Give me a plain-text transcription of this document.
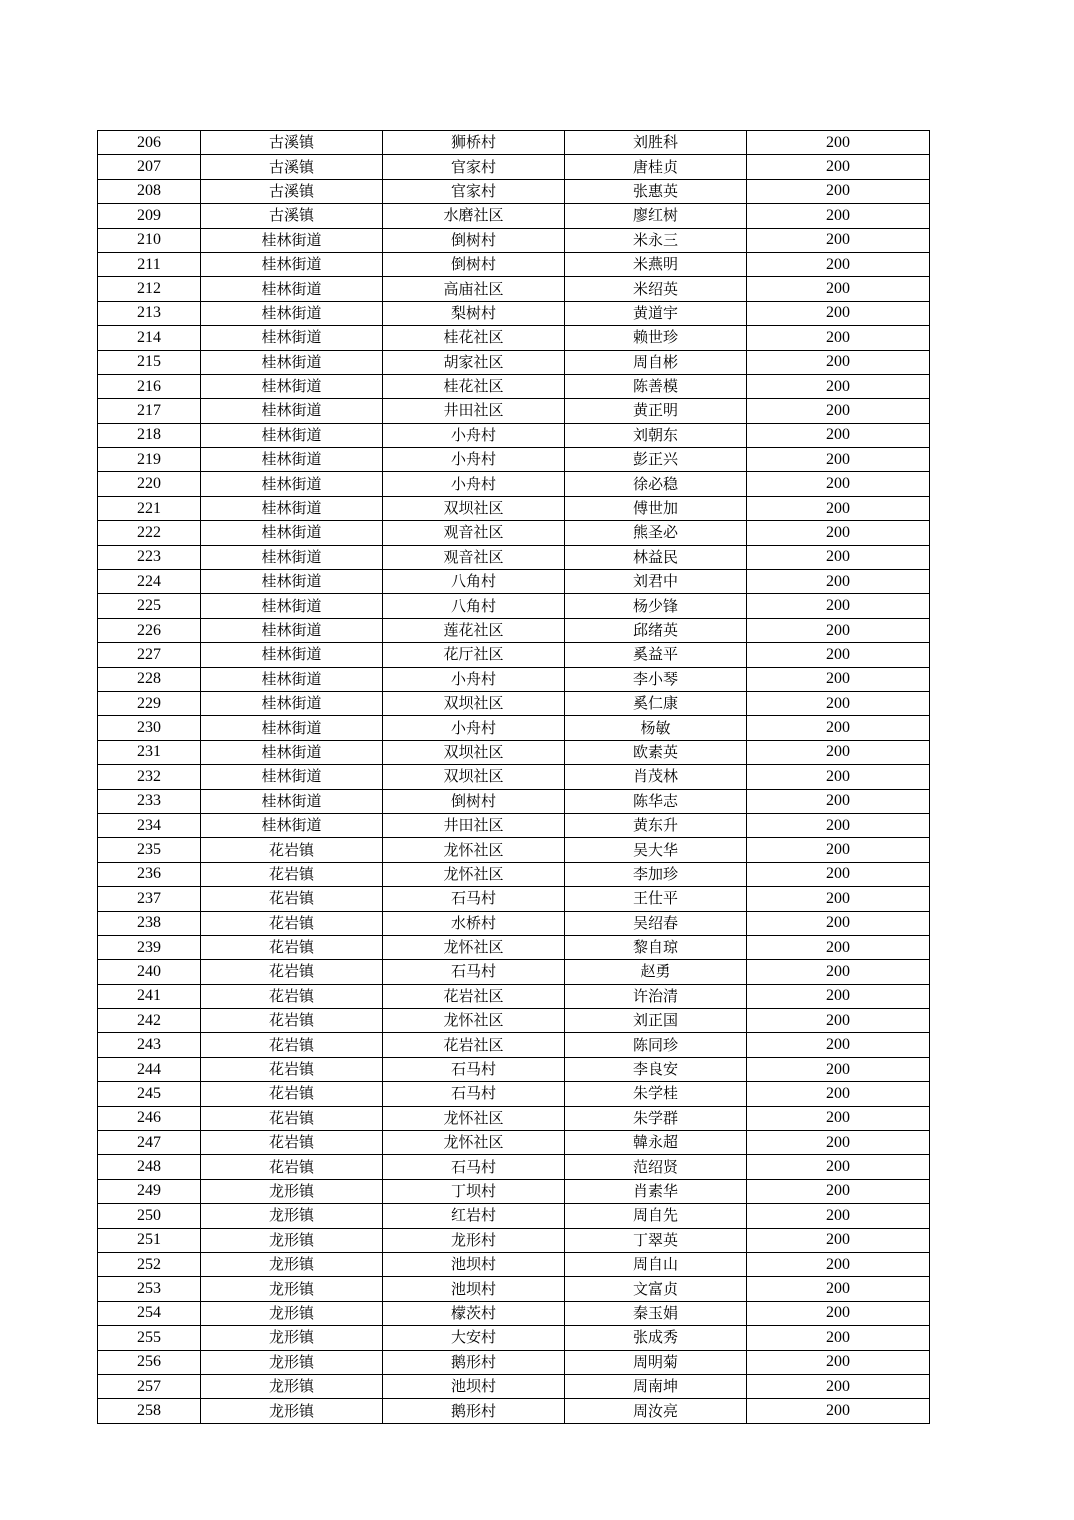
206	古溪镇	狮桥村	刘胜科	200
207	古溪镇	官家村	唐桂贞	200
208	古溪镇	官家村	张惠英	200
209	古溪镇	水磨社区	廖红树	200
210	桂林街道	倒树村	米永三	200
211	桂林街道	倒树村	米燕明	200
212	桂林街道	高庙社区	米绍英	200
213	桂林街道	梨树村	黄道宇	200
214	桂林街道	桂花社区	赖世珍	200
215	桂林街道	胡家社区	周自彬	200
216	桂林街道	桂花社区	陈善模	200
217	桂林街道	井田社区	黄正明	200
218	桂林街道	小舟村	刘朝东	200
219	桂林街道	小舟村	彭正兴	200
220	桂林街道	小舟村	徐必稳	200
221	桂林街道	双坝社区	傅世加	200
222	桂林街道	观音社区	熊圣必	200
223	桂林街道	观音社区	林益民	200
224	桂林街道	八角村	刘君中	200
225	桂林街道	八角村	杨少锋	200
226	桂林街道	莲花社区	邱绪英	200
227	桂林街道	花厅社区	奚益平	200
228	桂林街道	小舟村	李小琴	200
229	桂林街道	双坝社区	奚仁康	200
230	桂林街道	小舟村	杨敏	200
231	桂林街道	双坝社区	欧素英	200
232	桂林街道	双坝社区	肖茂林	200
233	桂林街道	倒树村	陈华志	200
234	桂林街道	井田社区	黄东升	200
235	花岩镇	龙怀社区	吴大华	200
236	花岩镇	龙怀社区	李加珍	200
237	花岩镇	石马村	王仕平	200
238	花岩镇	水桥村	吴绍春	200
239	花岩镇	龙怀社区	黎自琼	200
240	花岩镇	石马村	赵勇	200
241	花岩镇	花岩社区	许治清	200
242	花岩镇	龙怀社区	刘正国	200
243	花岩镇	花岩社区	陈同珍	200
244	花岩镇	石马村	李良安	200
245	花岩镇	石马村	朱学桂	200
246	花岩镇	龙怀社区	朱学群	200
247	花岩镇	龙怀社区	韓永超	200
248	花岩镇	石马村	范绍贤	200
249	龙形镇	丁坝村	肖素华	200
250	龙形镇	红岩村	周自先	200
251	龙形镇	龙形村	丁翠英	200
252	龙形镇	池坝村	周自山	200
253	龙形镇	池坝村	文富贞	200
254	龙形镇	檬茨村	秦玉娟	200
255	龙形镇	大安村	张成秀	200
256	龙形镇	鹅形村	周明菊	200
257	龙形镇	池坝村	周南坤	200
258	龙形镇	鹅形村	周汝亮	200
